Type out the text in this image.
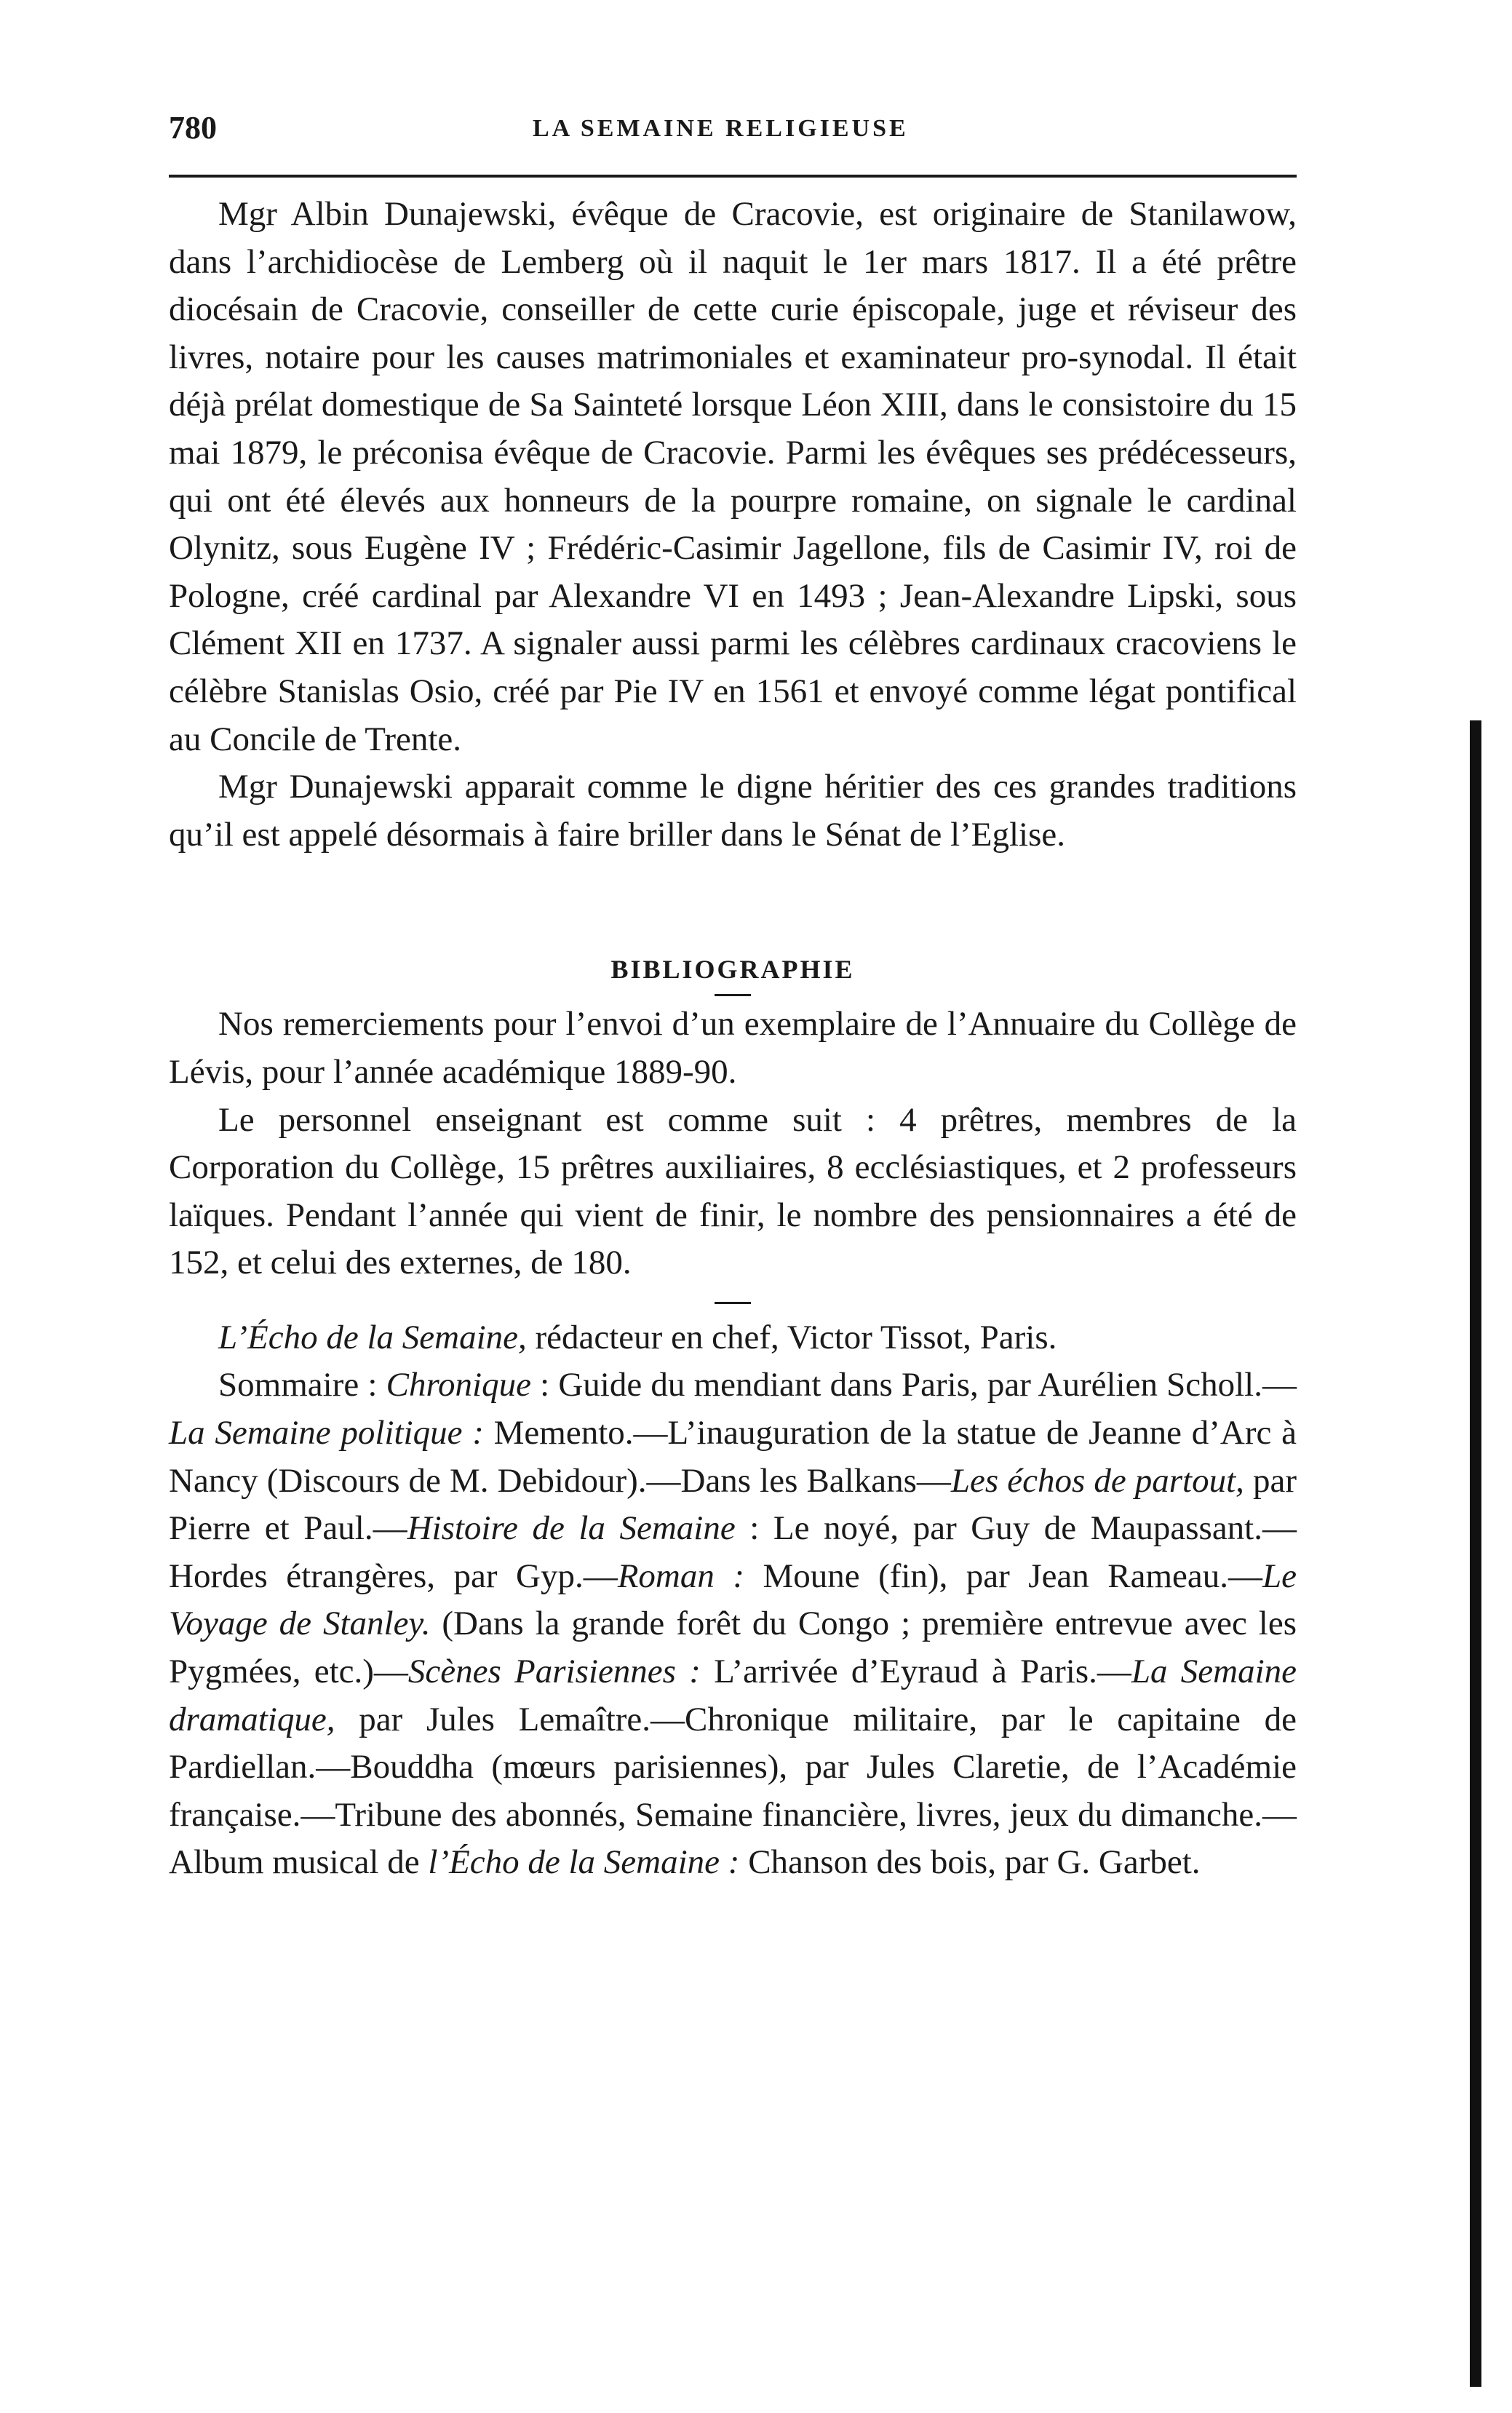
780	LA SEMAINE RELIGIEUSE

Mgr Albin Dunajewski, évêque de Cracovie, est originaire de Stanilawow, dans l’archidiocèse de Lemberg où il naquit le 1er mars 1817. Il a été prêtre diocésain de Cracovie, conseiller de cette curie épiscopale, juge et réviseur des livres, notaire pour les causes matrimoniales et examinateur pro-synodal. Il était déjà prélat domestique de Sa Sainteté lorsque Léon XIII, dans le consistoire du 15 mai 1879, le préconisa évêque de Cracovie. Parmi les évêques ses prédécesseurs, qui ont été élevés aux honneurs de la pourpre romaine, on signale le cardinal Olynitz, sous Eugène IV ; Frédéric-Casimir Jagellone, fils de Casimir IV, roi de Pologne, créé cardinal par Alexandre VI en 1493 ; Jean-Alexandre Lipski, sous Clément XII en 1737. A signaler aussi parmi les célèbres cardinaux cracoviens le célèbre Stanislas Osio, créé par Pie IV en 1561 et envoyé comme légat pontifical au Concile de Trente.

Mgr Dunajewski apparait comme le digne héritier des ces grandes traditions qu’il est appelé désormais à faire briller dans le Sénat de l’Eglise.

BIBLIOGRAPHIE

Nos remerciements pour l’envoi d’un exemplaire de l’Annuaire du Collège de Lévis, pour l’année académique 1889-90.

Le personnel enseignant est comme suit : 4 prêtres, membres de la Corporation du Collège, 15 prêtres auxiliaires, 8 ecclésiastiques, et 2 professeurs laïques. Pendant l’année qui vient de finir, le nombre des pensionnaires a été de 152, et celui des externes, de 180.

L’Écho de la Semaine, rédacteur en chef, Victor Tissot, Paris.

Sommaire : Chronique : Guide du mendiant dans Paris, par Aurélien Scholl.—La Semaine politique : Memento.—L’inauguration de la statue de Jeanne d’Arc à Nancy (Discours de M. Debidour).—Dans les Balkans—Les échos de partout, par Pierre et Paul.—Histoire de la Semaine : Le noyé, par Guy de Maupassant.—Hordes étrangères, par Gyp.—Roman : Moune (fin), par Jean Rameau.—Le Voyage de Stanley. (Dans la grande forêt du Congo ; première entrevue avec les Pygmées, etc.)—Scènes Parisiennes : L’arrivée d’Eyraud à Paris.—La Semaine dramatique, par Jules Lemaître.—Chronique militaire, par le capitaine de Pardiellan.—Bouddha (mœurs parisiennes), par Jules Claretie, de l’Académie française.—Tribune des abonnés, Semaine financière, livres, jeux du dimanche.—Album musical de l’Écho de la Semaine : Chanson des bois, par G. Garbet.
